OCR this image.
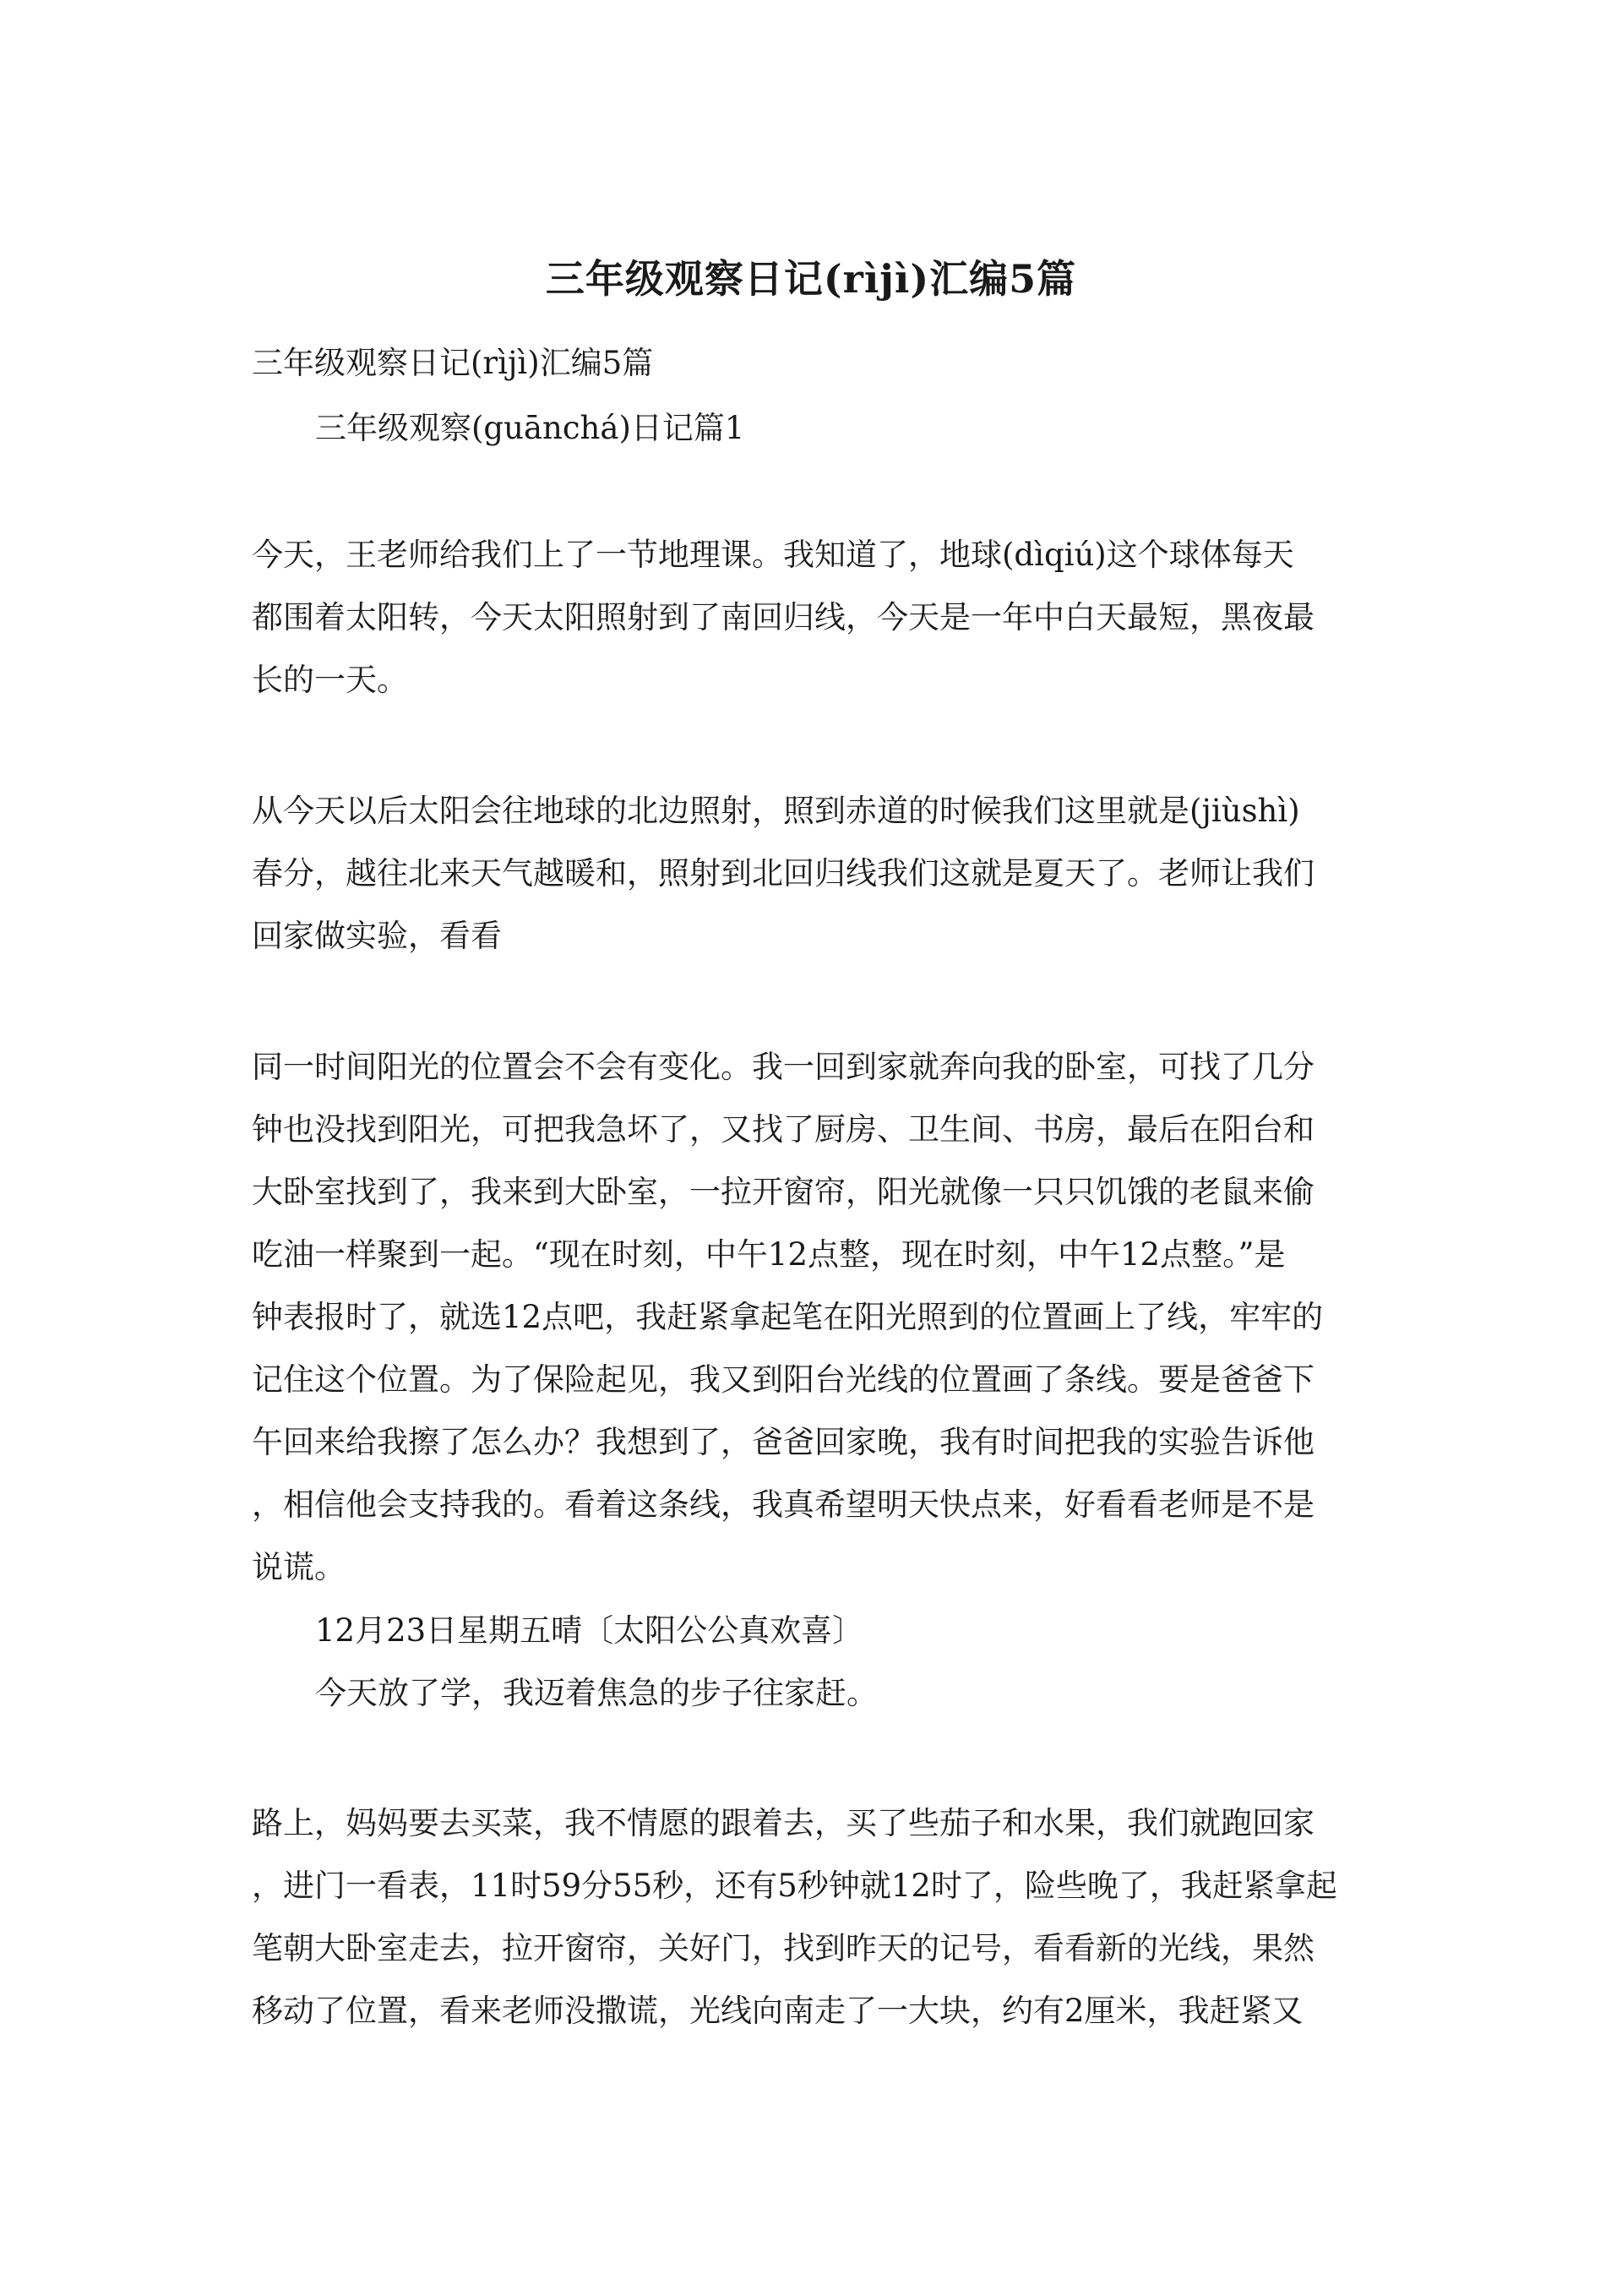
三年级观察日记(rìjì)汇编5篇
三年级观察日记(rìjì)汇编5篇
三年级观察(guānchá)日记篇1
今天，王老师给我们上了一节地理课。我知道了，地球(dìqiú)这个球体每天
都围着太阳转，今天太阳照射到了南回归线，今天是一年中白天最短，黑夜最
长的一天。
从今天以后太阳会往地球的北边照射，照到赤道的时候我们这里就是(jiùshì)
春分，越往北来天气越暖和，照射到北回归线我们这就是夏天了。老师让我们
回家做实验，看看
同一时间阳光的位置会不会有变化。我一回到家就奔向我的卧室，可找了几分
钟也没找到阳光，可把我急坏了，又找了厨房、卫生间、书房，最后在阳台和
大卧室找到了，我来到大卧室，一拉开窗帘，阳光就像一只只饥饿的老鼠来偷
吃油一样聚到一起。“现在时刻，中午12点整，现在时刻，中午12点整。”是
钟表报时了，就选12点吧，我赶紧拿起笔在阳光照到的位置画上了线，牢牢的
记住这个位置。为了保险起见，我又到阳台光线的位置画了条线。要是爸爸下
午回来给我擦了怎么办？我想到了，爸爸回家晚，我有时间把我的实验告诉他
，相信他会支持我的。看着这条线，我真希望明天快点来，好看看老师是不是
说谎。
12月23日星期五晴〔太阳公公真欢喜〕
今天放了学，我迈着焦急的步子往家赶。
路上，妈妈要去买菜，我不情愿的跟着去，买了些茄子和水果，我们就跑回家
，进门一看表，11时59分55秒，还有5秒钟就12时了，险些晚了，我赶紧拿起
笔朝大卧室走去，拉开窗帘，关好门，找到昨天的记号，看看新的光线，果然
移动了位置，看来老师没撒谎，光线向南走了一大块，约有2厘米，我赶紧又
